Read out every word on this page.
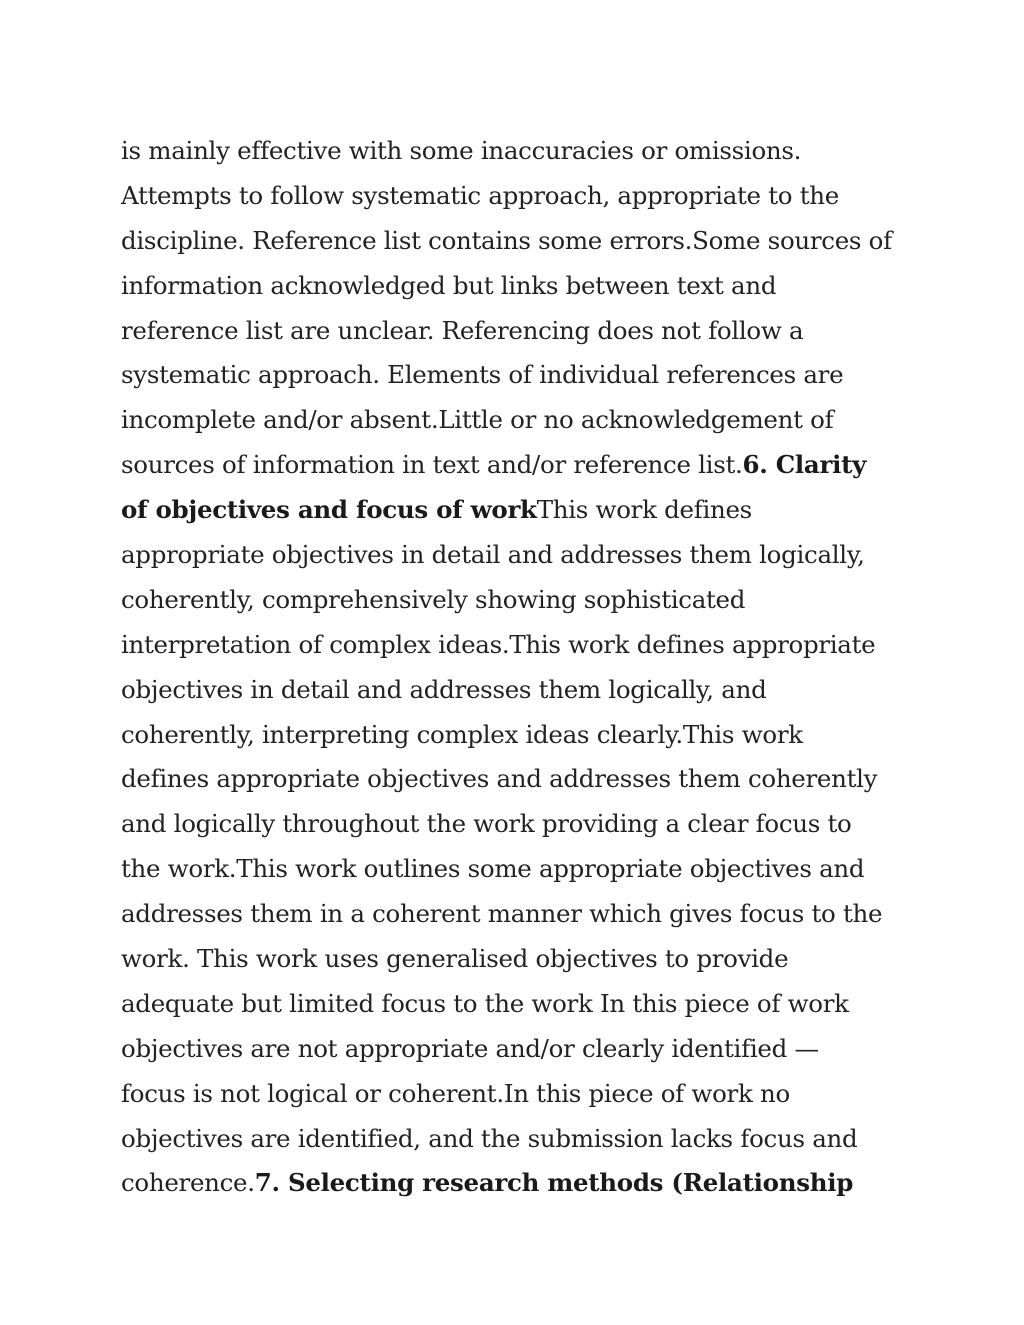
is mainly effective with some inaccuracies or omissions.
Attempts to follow systematic approach, appropriate to the
discipline. Reference list contains some errors.Some sources of
information acknowledged but links between text and
reference list are unclear. Referencing does not follow a
systematic approach. Elements of individual references are
incomplete and/or absent.Little or no acknowledgement of
sources of information in text and/or reference list.6. Clarity
of objectives and focus of workThis work defines
appropriate objectives in detail and addresses them logically,
coherently, comprehensively showing sophisticated
interpretation of complex ideas.This work defines appropriate
objectives in detail and addresses them logically, and
coherently, interpreting complex ideas clearly.This work
defines appropriate objectives and addresses them coherently
and logically throughout the work providing a clear focus to
the work.This work outlines some appropriate objectives and
addresses them in a coherent manner which gives focus to the
work. This work uses generalised objectives to provide
adequate but limited focus to the work In this piece of work
objectives are not appropriate and/or clearly identified —
focus is not logical or coherent.In this piece of work no
objectives are identified, and the submission lacks focus and
coherence.7. Selecting research methods (Relationship
